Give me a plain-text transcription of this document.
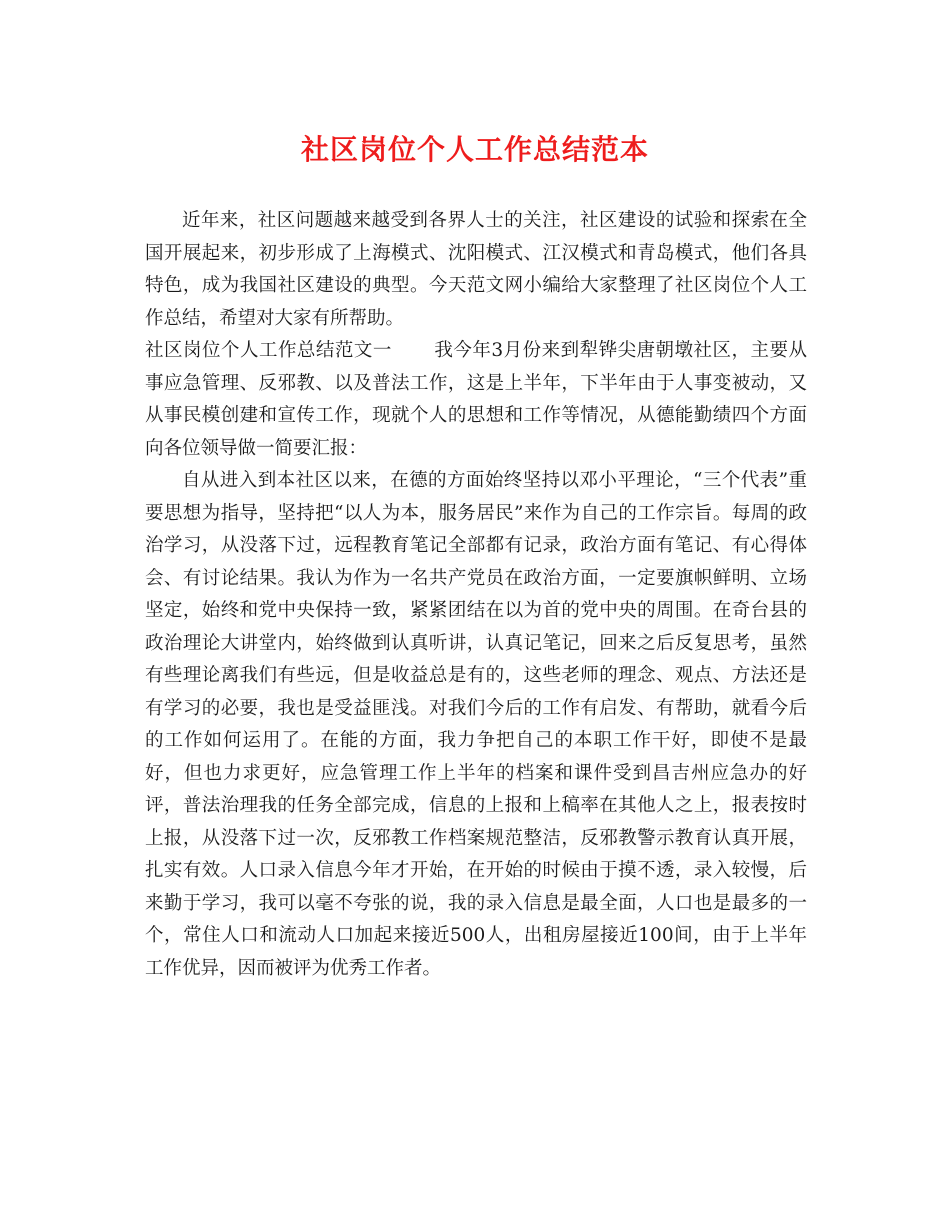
社区岗位个人工作总结范本

近年来，社区问题越来越受到各界人士的关注，社区建设的试验和探索在全国开展起来，初步形成了上海模式、沈阳模式、江汉模式和青岛模式，他们各具特色，成为我国社区建设的典型。今天范文网小编给大家整理了社区岗位个人工作总结，希望对大家有所帮助。

社区岗位个人工作总结范文一 我今年3月份来到犁铧尖唐朝墩社区，主要从事应急管理、反邪教、以及普法工作，这是上半年，下半年由于人事变被动，又从事民模创建和宣传工作，现就个人的思想和工作等情况，从德能勤绩四个方面向各位领导做一简要汇报：

自从进入到本社区以来，在德的方面始终坚持以邓小平理论，“三个代表”重要思想为指导，坚持把“以人为本，服务居民”来作为自己的工作宗旨。每周的政治学习，从没落下过，远程教育笔记全部都有记录，政治方面有笔记、有心得体会、有讨论结果。我认为作为一名共产党员在政治方面，一定要旗帜鲜明、立场坚定，始终和党中央保持一致，紧紧团结在以为首的党中央的周围。在奇台县的政治理论大讲堂内，始终做到认真听讲，认真记笔记，回来之后反复思考，虽然有些理论离我们有些远，但是收益总是有的，这些老师的理念、观点、方法还是有学习的必要，我也是受益匪浅。对我们今后的工作有启发、有帮助，就看今后的工作如何运用了。在能的方面，我力争把自己的本职工作干好，即使不是最好，但也力求更好，应急管理工作上半年的档案和课件受到昌吉州应急办的好评，普法治理我的任务全部完成，信息的上报和上稿率在其他人之上，报表按时上报，从没落下过一次，反邪教工作档案规范整洁，反邪教警示教育认真开展，扎实有效。人口录入信息今年才开始，在开始的时候由于摸不透，录入较慢，后来勤于学习，我可以毫不夸张的说，我的录入信息是最全面，人口也是最多的一个，常住人口和流动人口加起来接近500人，出租房屋接近100间，由于上半年工作优异，因而被评为优秀工作者。
